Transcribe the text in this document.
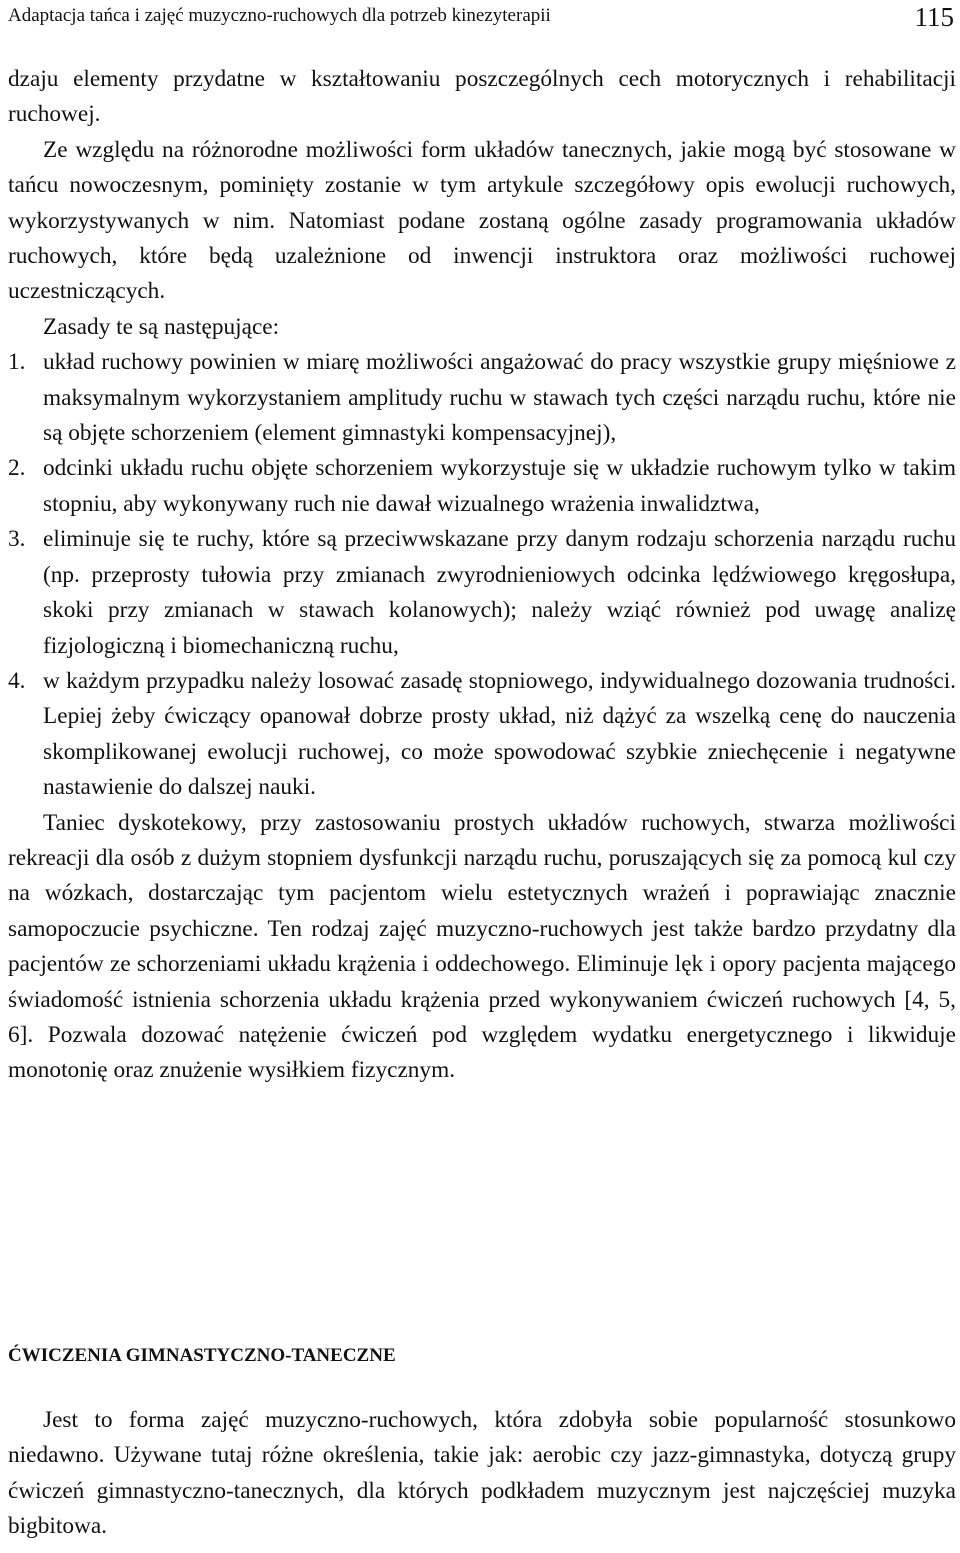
Adaptacja tańca i zajęć muzyczno-ruchowych dla potrzeb kinezyterapii	115

dzaju elementy przydatne w kształtowaniu poszczególnych cech motorycznych i rehabilitacji ruchowej.

Ze względu na różnorodne możliwości form układów tanecznych, jakie mogą być stosowane w tańcu nowoczesnym, pominięty zostanie w tym artykule szczegółowy opis ewolucji ruchowych, wykorzystywanych w nim. Natomiast podane zostaną ogólne zasady programowania układów ruchowych, które będą uzależnione od inwencji instruktora oraz możliwości ruchowej uczestniczących.

Zasady te są następujące:

1. układ ruchowy powinien w miarę możliwości angażować do pracy wszystkie grupy mięśniowe z maksymalnym wykorzystaniem amplitudy ruchu w stawach tych części narządu ruchu, które nie są objęte schorzeniem (element gimnastyki kompensacyjnej),
2. odcinki układu ruchu objęte schorzeniem wykorzystuje się w układzie ruchowym tylko w takim stopniu, aby wykonywany ruch nie dawał wizualnego wrażenia inwalidztwa,
3. eliminuje się te ruchy, które są przeciwwskazane przy danym rodzaju schorzenia narządu ruchu (np. przeprosty tułowia przy zmianach zwyrodnieniowych odcinka lędźwiowego kręgosłupa, skoki przy zmianach w stawach kolanowych); należy wziąć również pod uwagę analizę fizjologiczną i biomechaniczną ruchu,
4. w każdym przypadku należy losować zasadę stopniowego, indywidualnego dozowania trudności. Lepiej żeby ćwiczący opanował dobrze prosty układ, niż dążyć za wszelką cenę do nauczenia skomplikowanej ewolucji ruchowej, co może spowodować szybkie zniechęcenie i negatywne nastawienie do dalszej nauki.

Taniec dyskotekowy, przy zastosowaniu prostych układów ruchowych, stwarza możliwości rekreacji dla osób z dużym stopniem dysfunkcji narządu ruchu, poruszających się za pomocą kul czy na wózkach, dostarczając tym pacjentom wielu estetycznych wrażeń i poprawiając znacznie samopoczucie psychiczne. Ten rodzaj zajęć muzyczno-ruchowych jest także bardzo przydatny dla pacjentów ze schorzeniami układu krążenia i oddechowego. Eliminuje lęk i opory pacjenta mającego świadomość istnienia schorzenia układu krążenia przed wykonywaniem ćwiczeń ruchowych [4, 5, 6]. Pozwala dozować natężenie ćwiczeń pod względem wydatku energetycznego i likwiduje monotonię oraz znużenie wysiłkiem fizycznym.

ĆWICZENIA GIMNASTYCZNO-TANECZNE

Jest to forma zajęć muzyczno-ruchowych, która zdobyła sobie popularność stosunkowo niedawno. Używane tutaj różne określenia, takie jak: aerobic czy jazz-gimnastyka, dotyczą grupy ćwiczeń gimnastyczno-tanecznych, dla których podkładem muzycznym jest najczęściej muzyka bigbitowa.
